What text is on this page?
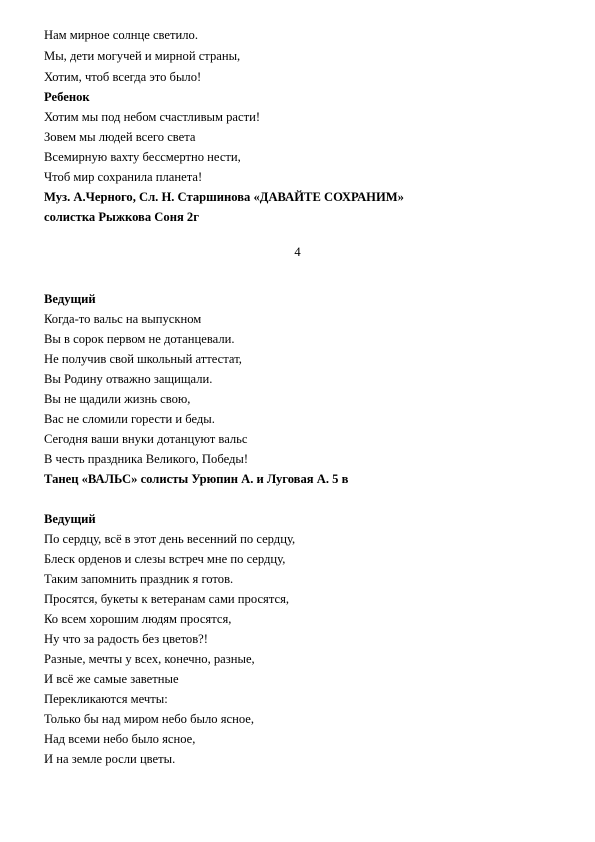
Нам мирное солнце светило.
Мы, дети могучей и мирной страны,
Хотим, чтоб всегда это было!
Ребенок
Хотим мы под небом счастливым расти!
Зовем мы людей всего света
Всемирную вахту бессмертно нести,
Чтоб мир сохранила планета!
Муз. А.Черного, Сл. Н. Старшинова «ДАВАЙТЕ СОХРАНИМ»
солистка Рыжкова Соня 2г
4
Ведущий
Когда-то вальс на выпускном
Вы в сорок первом не дотанцевали.
Не получив свой школьный аттестат,
Вы Родину отважно защищали.
Вы не щадили жизнь свою,
Вас не сломили горести и беды.
Сегодня ваши внуки дотанцуют вальс
В честь праздника Великого, Победы!
Танец «ВАЛЬС» солисты Урюпин А. и Луговая А. 5 в
Ведущий
По сердцу, всё в этот день весенний по сердцу,
Блеск орденов и слезы встреч мне по сердцу,
Таким запомнить праздник я готов.
Просятся, букеты к ветеранам сами просятся,
Ко всем хорошим людям просятся,
Ну что за радость без цветов?!
Разные, мечты у всех, конечно, разные,
И всё же самые заветные
Перекликаются мечты:
Только бы над миром небо было ясное,
Над всеми небо было ясное,
И на земле росли цветы.
